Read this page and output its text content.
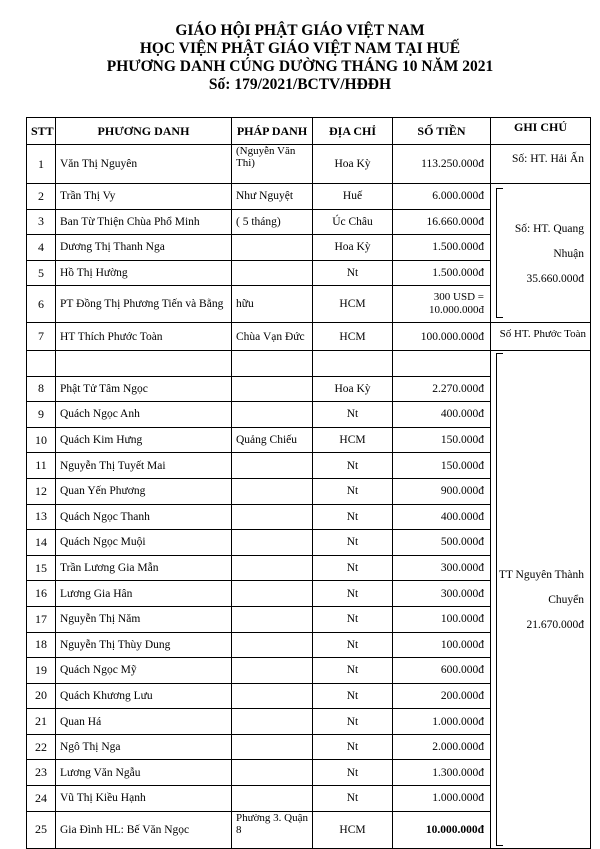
GIÁO HỘI PHẬT GIÁO VIỆT NAM
HỌC VIỆN PHẬT GIÁO VIỆT NAM TẠI HUẾ
PHƯƠNG DANH CÚNG DƯỜNG THÁNG 10 NĂM 2021
Số: 179/2021/BCTV/HĐĐH
STT	PHƯƠNG DANH	PHÁP DANH	ĐỊA CHỈ	SỐ TIỀN	GHI CHÚ	
1	Văn Thị Nguyên	(Nguyễn Văn Thi)	Hoa Kỳ	113.250.000đ	Số: HT. Hải Ấn	

2	Trần Thị Vy	Như Nguyệt	Huế	6.000.000đ	Số: HT. Quang
Nhuận
35.660.000đ	

3	Ban Từ Thiện Chùa Phổ Minh	( 5 tháng)	Úc Châu	16.660.000đ		
4	Dương Thị Thanh Nga		Hoa Kỳ	1.500.000đ		
5	Hồ Thị Hường		Nt	1.500.000đ		
6	PT Đồng Thị Phương Tiến và Bằng	hữu	HCM	300 USD = 10.000.000đ		
7	HT Thích Phước Toàn	Chùa Vạn Đức	HCM	100.000.000đ	Số HT. Phước Toàn	

					TT Nguyên Thành
Chuyển
21.670.000đ	

8	Phật Tử Tâm Ngọc		Hoa Kỳ	2.270.000đ		
9	Quách Ngọc Anh		Nt	400.000đ		
10	Quách Kim Hưng	Quảng Chiếu	HCM	150.000đ		
11	Nguyễn Thị Tuyết Mai		Nt	150.000đ		
12	Quan Yến Phương		Nt	900.000đ		
13	Quách Ngọc Thanh		Nt	400.000đ		
14	Quách Ngọc Muội		Nt	500.000đ		
15	Trần Lương Gia Mẫn		Nt	300.000đ		
16	Lương Gia Hân		Nt	300.000đ		
17	Nguyễn Thị Năm		Nt	100.000đ		
18	Nguyễn Thị Thùy Dung		Nt	100.000đ		
19	Quách Ngọc Mỹ		Nt	600.000đ		
20	Quách Khương Lưu		Nt	200.000đ		
21	Quan Há		Nt	1.000.000đ		
22	Ngô Thị Nga		Nt	2.000.000đ		
23	Lương Văn Ngẫu		Nt	1.300.000đ		
24	Vũ Thị Kiều Hạnh		Nt	1.000.000đ		
25	Gia Đình HL: Bế Văn Ngọc	Phường 3. Quận 8	HCM	10.000.000đ		
